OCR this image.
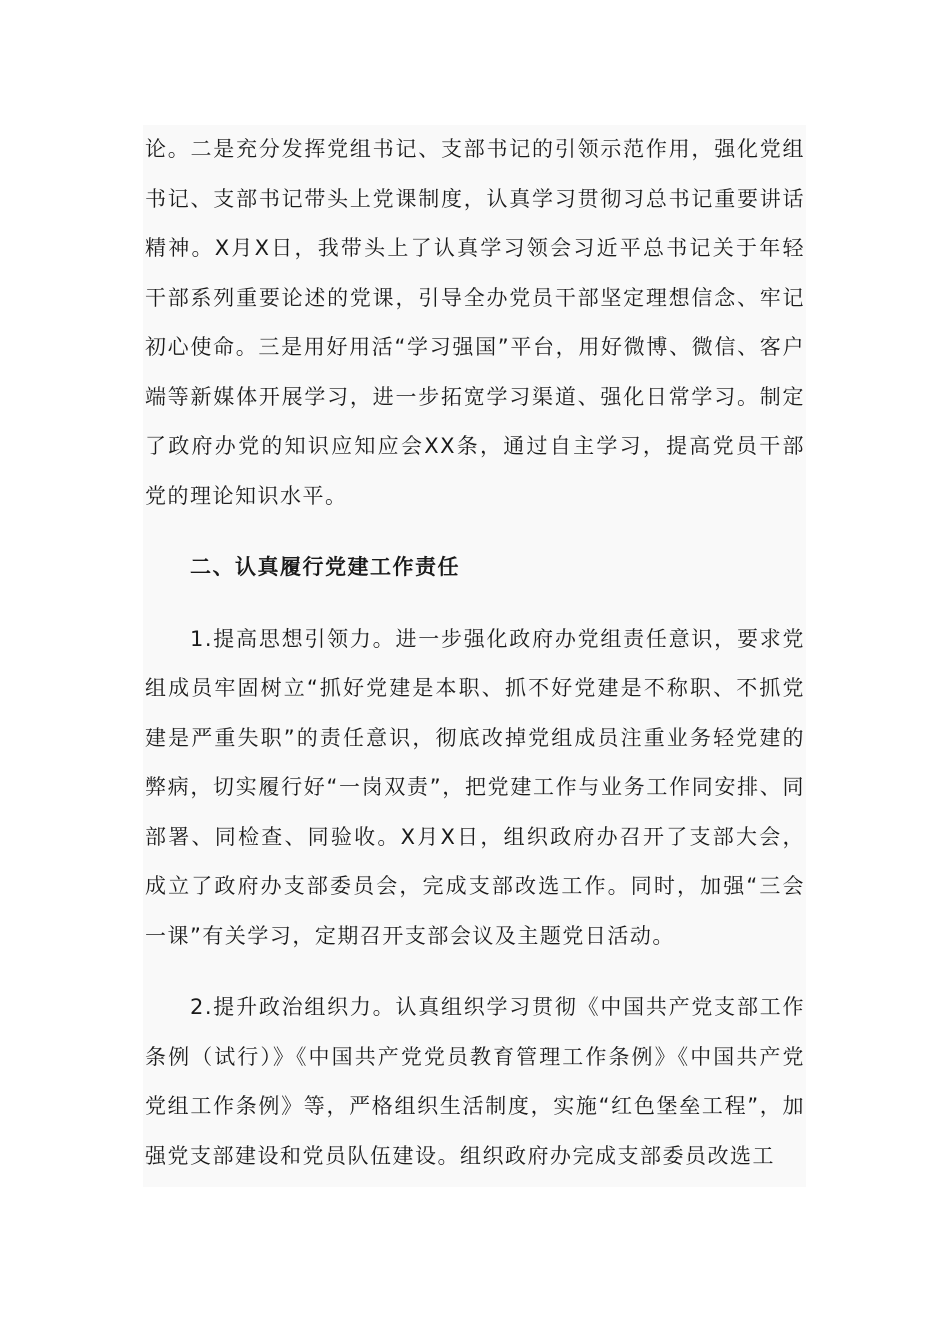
论。二是充分发挥党组书记、支部书记的引领示范作用，强化党组书记、支部书记带头上党课制度，认真学习贯彻习总书记重要讲话精神。X月X日，我带头上了认真学习领会习近平总书记关于年轻干部系列重要论述的党课，引导全办党员干部坚定理想信念、牢记初心使命。三是用好用活“学习强国”平台，用好微博、微信、客户端等新媒体开展学习，进一步拓宽学习渠道、强化日常学习。制定了政府办党的知识应知应会XX条，通过自主学习，提高党员干部党的理论知识水平。

二、认真履行党建工作责任

1.提高思想引领力。进一步强化政府办党组责任意识，要求党组成员牢固树立“抓好党建是本职、抓不好党建是不称职、不抓党建是严重失职”的责任意识，彻底改掉党组成员注重业务轻党建的弊病，切实履行好“一岗双责”，把党建工作与业务工作同安排、同部署、同检查、同验收。X月X日，组织政府办召开了支部大会，成立了政府办支部委员会，完成支部改选工作。同时，加强“三会一课”有关学习，定期召开支部会议及主题党日活动。

2.提升政治组织力。认真组织学习贯彻《中国共产党支部工作条例（试行）》《中国共产党党员教育管理工作条例》《中国共产党党组工作条例》等，严格组织生活制度，实施“红色堡垒工程”，加强党支部建设和党员队伍建设。组织政府办完成支部委员改选工
